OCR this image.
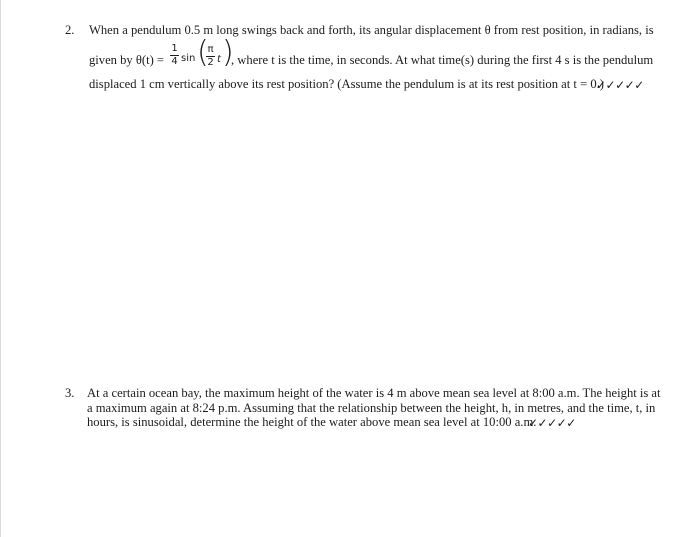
2. When a pendulum 0.5 m long swings back and forth, its angular displacement θ from rest position, in radians, is
given by θ(t) =
1
4 sin (
π
2 t )
, where t is the time, in seconds. At what time(s) during the first 4 s is the pendulum
displaced 1 cm vertically above its rest position? (Assume the pendulum is at its rest position at t = 0.)
✓✓✓✓✓
3. At a certain ocean bay, the maximum height of the water is 4 m above mean sea level at 8:00 a.m. The height is at
a maximum again at 8:24 p.m. Assuming that the relationship between the height, h, in metres, and the time, t, in
hours, is sinusoidal, determine the height of the water above mean sea level at 10:00 a.m.
✓✓✓✓✓
